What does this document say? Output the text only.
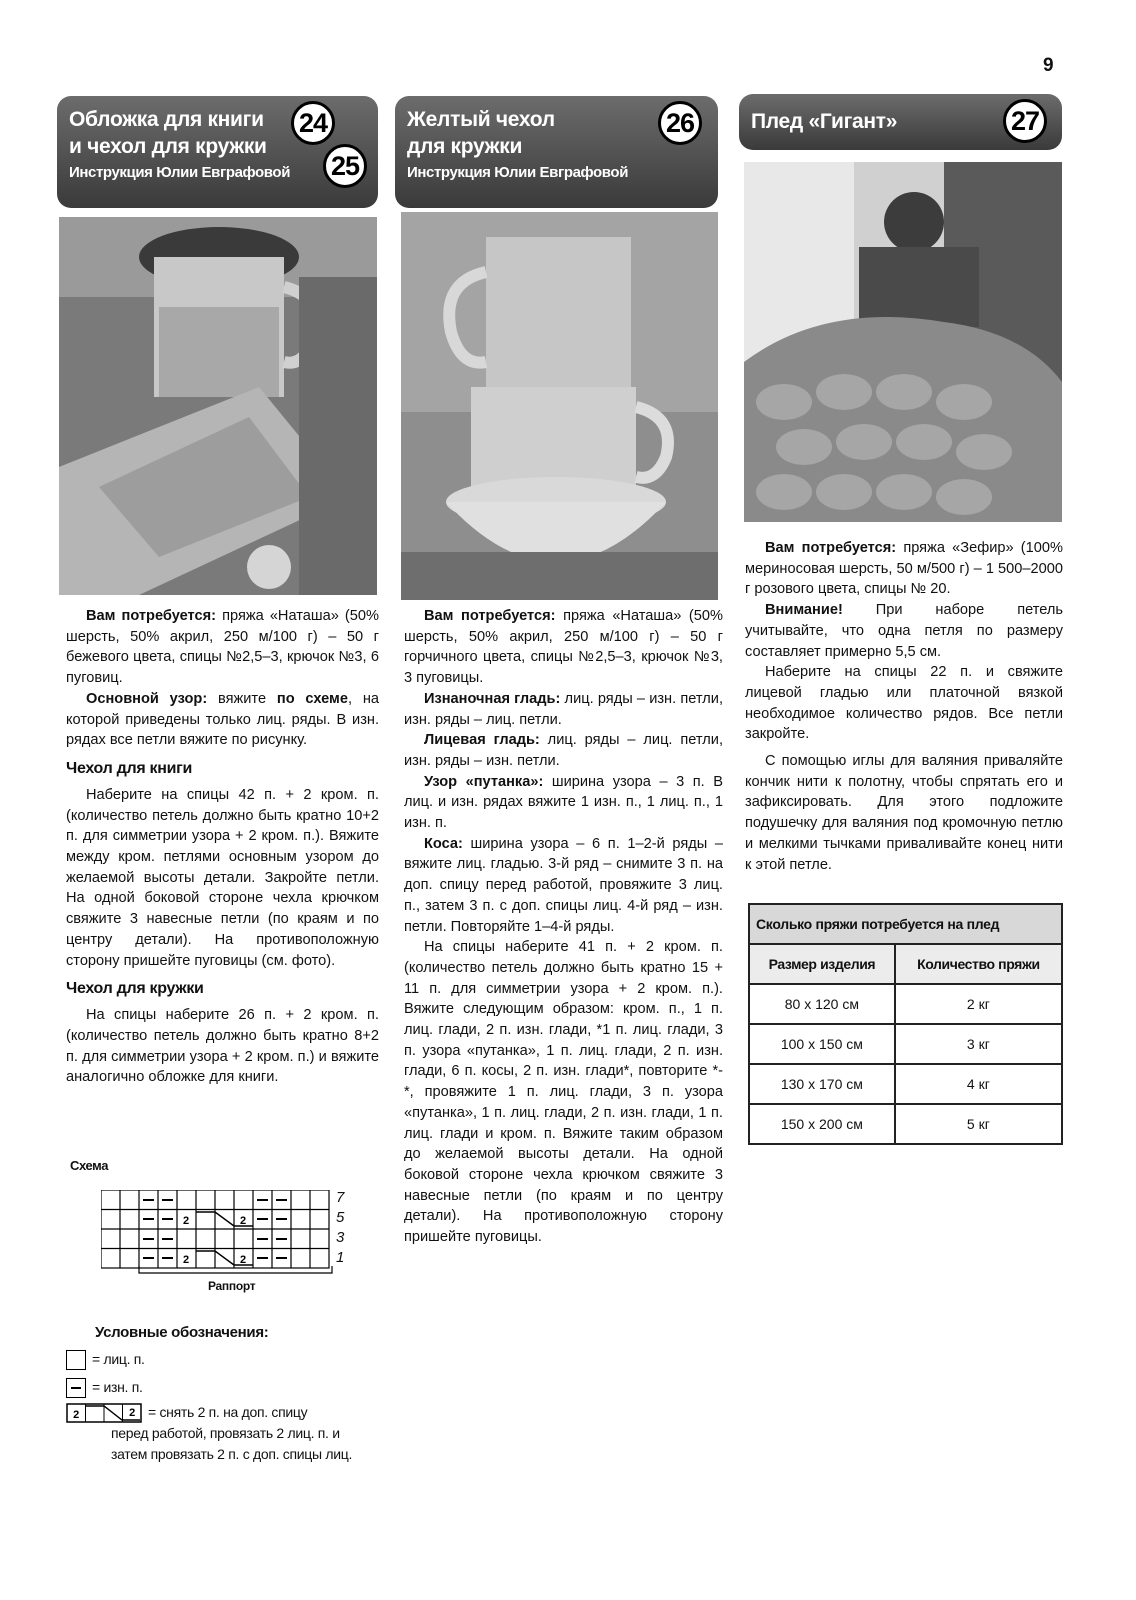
9
Обложка для книги
и чехол для кружки
Инструкция Юлии Евграфовой
24
25
Желтый чехол
для кружки
Инструкция Юлии Евграфовой
26	Плед «Гигант»	27

Вам потребуется: пряжа «Наташа» (50% шерсть, 50% акрил, 250 м/100 г) – 50 г бежевого цвета, спицы №2,5–3, крючок №3, 6 пуговиц.

Основной узор: вяжите по схеме, на которой приведены только лиц. ряды. В изн. рядах все петли вяжите по рисунку.

Чехол для книги

Наберите на спицы 42 п. + 2 кром. п. (количество петель должно быть кратно 10+2 п. для симметрии узора + 2 кром. п.). Вяжите между кром. петлями основным узором до желаемой высоты детали. Закройте петли. На одной боковой стороне чехла крючком свяжите 3 навесные петли (по краям и по центру детали). На противоположную сторону пришейте пуговицы (см. фото).

Чехол для кружки

На спицы наберите 26 п. + 2 кром. п. (количество петель должно быть кратно 8+2 п. для симметрии узора + 2 кром. п.) и вяжите аналогично обложке для книги.

Вам потребуется: пряжа «Наташа» (50% шерсть, 50% акрил, 250 м/100 г) – 50 г горчичного цвета, спицы №2,5–3, крючок №3, 3 пуговицы.

Изнаночная гладь: лиц. ряды – изн. петли, изн. ряды – лиц. петли.

Лицевая гладь: лиц. ряды – лиц. петли, изн. ряды – изн. петли.

Узор «путанка»: ширина узора – 3 п. В лиц. и изн. рядах вяжите 1 изн. п., 1 лиц. п., 1 изн. п.

Коса: ширина узора – 6 п. 1–2-й ряды – вяжите лиц. гладью. 3-й ряд – снимите 3 п. на доп. спицу перед работой, провяжите 3 лиц. п., затем 3 п. с доп. спицы лиц. 4-й ряд – изн. петли. Повторяйте 1–4-й ряды.

На спицы наберите 41 п. + 2 кром. п. (количество петель должно быть кратно 15 + 11 п. для симметрии узора + 2 кром. п.). Вяжите следующим образом: кром. п., 1 п. лиц. глади, 2 п. изн. глади, *1 п. лиц. глади, 3 п. узора «путанка», 1 п. лиц. глади, 2 п. изн. глади, 6 п. косы, 2 п. изн. глади*, повторите *-*, провяжите 1 п. лиц. глади, 3 п. узора «путанка», 1 п. лиц. глади, 2 п. изн. глади, 1 п. лиц. глади и кром. п. Вяжите таким образом до желаемой высоты детали. На одной боковой стороне чехла крючком свяжите 3 навесные петли (по краям и по центру детали). На противоположную сторону пришейте пуговицы.

Вам потребуется: пряжа «Зефир» (100% мериносовая шерсть, 50 м/500 г) – 1 500–2000 г розового цвета, спицы № 20.

Внимание! При наборе петель учитывайте, что одна петля по размеру составляет примерно 5,5 см.

Наберите на спицы 22 п. и свяжите лицевой гладью или платочной вязкой необходимое количество рядов. Все петли закройте.

С помощью иглы для валяния приваляйте кончик нити к полотну, чтобы спрятать его и зафиксировать. Для этого подложите подушечку для валяния под кромочную петлю и мелкими тычками приваливайте конец нити к этой петле.

Сколько пряжи потребуется на плед	
Размер изделия	Количество пряжи
80 x 120 см	2 кг
100 x 150 см	3 кг
130 x 170 см	4 кг
150 x 200 см	5 кг
Схема
2	2
2	2
7
5
3
1
Раппорт
Условные обозначения:
= лиц. п.
= изн. п.
2	2 = снять 2 п. на доп. спицу
перед работой, провязать 2 лиц. п. и
затем провязать 2 п. с доп. спицы лиц.
